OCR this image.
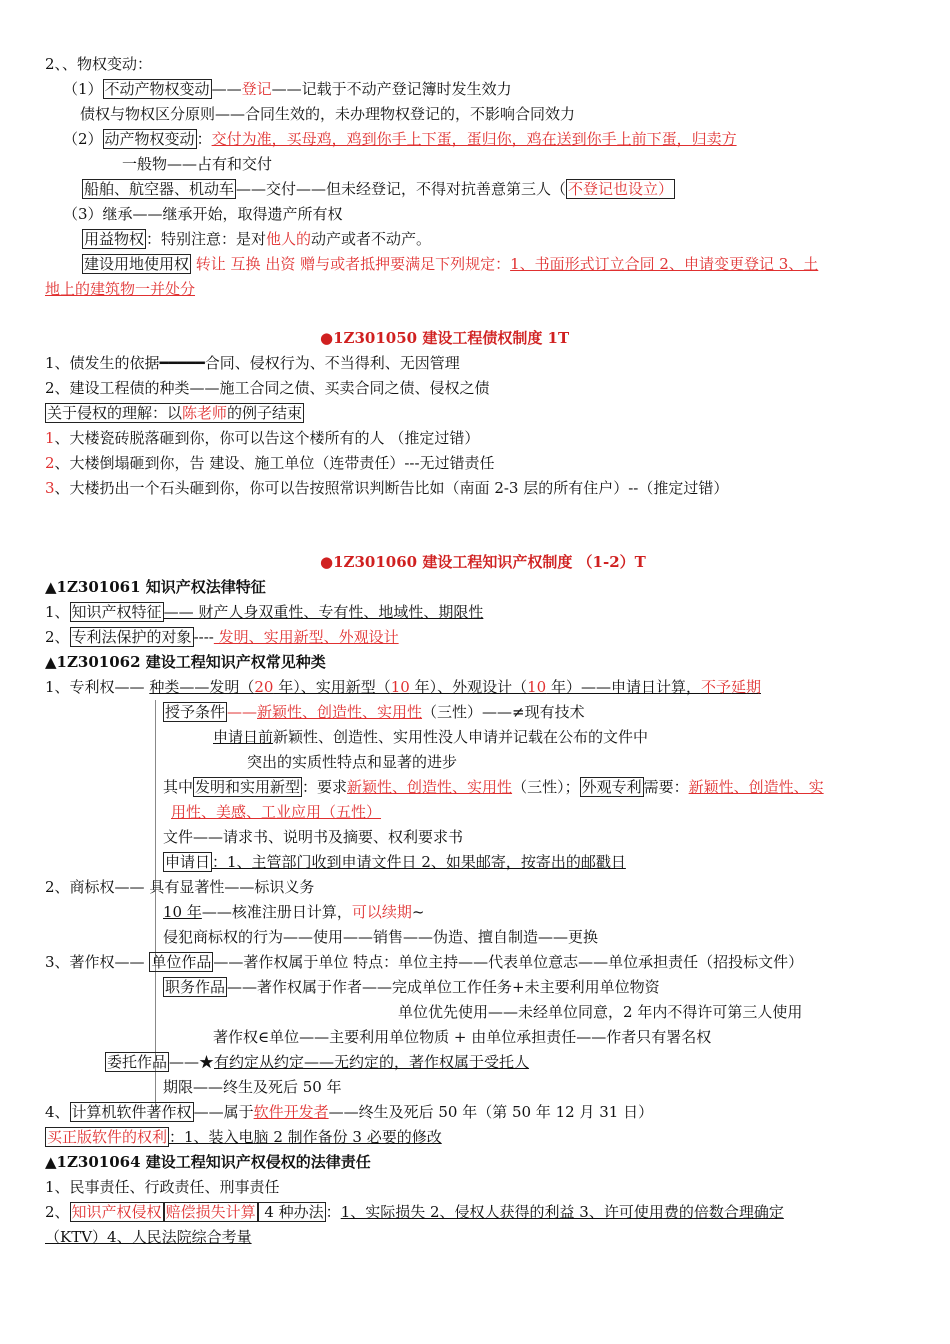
2、、物权变动：
（1） 不动产物权变动 ——登记——记载于不动产登记簿时发生效力
债权与物权区分原则——合同生效的，未办理物权登记的，不影响合同效力
（2） 动产物权变动 ：交付为准，买母鸡，鸡到你手上下蛋，蛋归你，鸡在送到你手上前下蛋，归卖方
一般物——占有和交付
船舶、航空器、机动车 ——交付——但未经登记，不得对抗善意第三人（ 不登记也设立）
（3）继承——继承开始，取得遗产所有权
用益物权 ：特别注意：是对他人的动产或者不动产。
建设用地使用权 转让 互换 出资 赠与或者抵押要满足下列规定：1、书面形式订立合同 2、申请变更登记 3、土
地上的建筑物一并处分
●1Z301050 建设工程债权制度 1T
1、债发生的依据━━━━━合同、侵权行为、不当得利、无因管理
2、建设工程债的种类——施工合同之债、买卖合同之债、侵权之债
关于侵权的理解：以陈老师的例子结束
1、大楼瓷砖脱落砸到你，你可以告这个楼所有的人 （推定过错）
2、大楼倒塌砸到你，告 建设、施工单位（连带责任）---无过错责任
3、大楼扔出一个石头砸到你，你可以告按照常识判断告比如（南面 2-3 层的所有住户）--（推定过错）
●1Z301060 建设工程知识产权制度 （1-2）T
▲1Z301061 知识产权法律特征
1、 知识产权特征 —— 财产人身双重性、专有性、地域性、期限性
2、 专利法保护的对象 ---- 发明、实用新型、外观设计
▲1Z301062 建设工程知识产权常见种类
1、专利权—— 种类——发明（20 年）、实用新型（10 年）、外观设计（10 年）——申请日计算，不予延期
授予条件 ——新颖性、创造性、实用性（三性）——≠现有技术
申请日前新颖性、创造性、实用性没人申请并记载在公布的文件中
突出的实质性特点和显著的进步
其中 发明和实用新型 ：要求新颖性、创造性、实用性（三性）； 外观专利 需要：新颖性、创造性、实
用性、美感、工业应用（五性）
文件——请求书、说明书及摘要、权利要求书
申请日 ：1、主管部门收到申请文件日 2、如果邮寄，按寄出的邮戳日
2、商标权—— 具有显著性——标识义务
10 年——核准注册日计算，可以续期~
侵犯商标权的行为——使用——销售——伪造、擅自制造——更换
3、著作权—— 单位作品 ——著作权属于单位 特点：单位主持——代表单位意志——单位承担责任（招投标文件）
职务作品 ——著作权属于作者——完成单位工作任务+未主要利用单位物资
单位优先使用——未经单位同意，2 年内不得许可第三人使用
著作权∈单位——主要利用单位物质 + 由单位承担责任——作者只有署名权
委托作品 ——★有约定从约定——无约定的，著作权属于受托人
期限——终生及死后 50 年
4、 计算机软件著作权 ——属于软件开发者——终生及死后 50 年（第 50 年 12 月 31 日）
买正版软件的权利 ：1、装入电脑 2 制作备份 3 必要的修改
▲1Z301064 建设工程知识产权侵权的法律责任
1、民事责任、行政责任、刑事责任
2、 知识产权侵权 赔偿损失计算 4 种办法 ：1、实际损失 2、侵权人获得的利益 3、许可使用费的倍数合理确定
（KTV）4、人民法院综合考量
